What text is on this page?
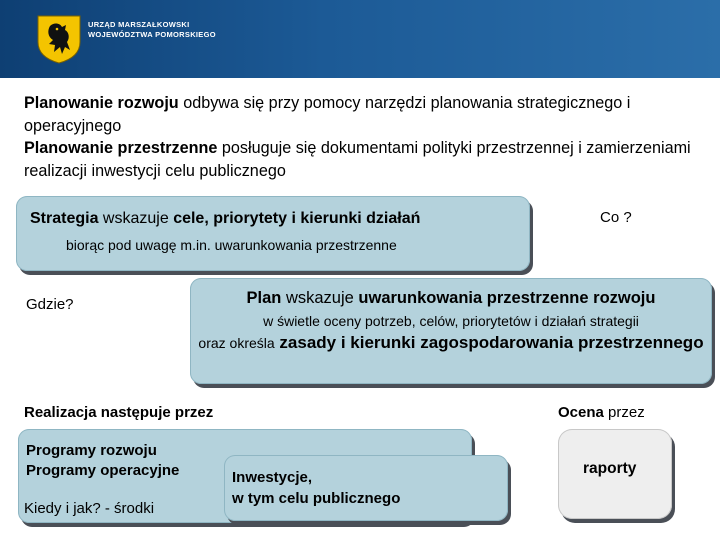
URZĄD MARSZAŁKOWSKI
WOJEWÓDZTWA POMORSKIEGO
Planowanie rozwoju odbywa się przy pomocy narzędzi planowania strategicznego i operacyjnego
Planowanie przestrzenne posługuje się dokumentami polityki przestrzennej i zamierzeniami realizacji inwestycji celu publicznego
Strategia wskazuje cele, priorytety i kierunki działań
biorąc pod uwagę m.in. uwarunkowania przestrzenne
Co ?
Gdzie?	Plan wskazuje uwarunkowania przestrzenne rozwoju
w świetle oceny potrzeb, celów, priorytetów i działań strategii
oraz określa zasady i kierunki zagospodarowania przestrzennego
Realizacja następuje przez	Ocena przez
Programy rozwoju
Programy operacyjne	Inwestycje,
w tym celu publicznego
Kiedy i jak? - środki
raporty
